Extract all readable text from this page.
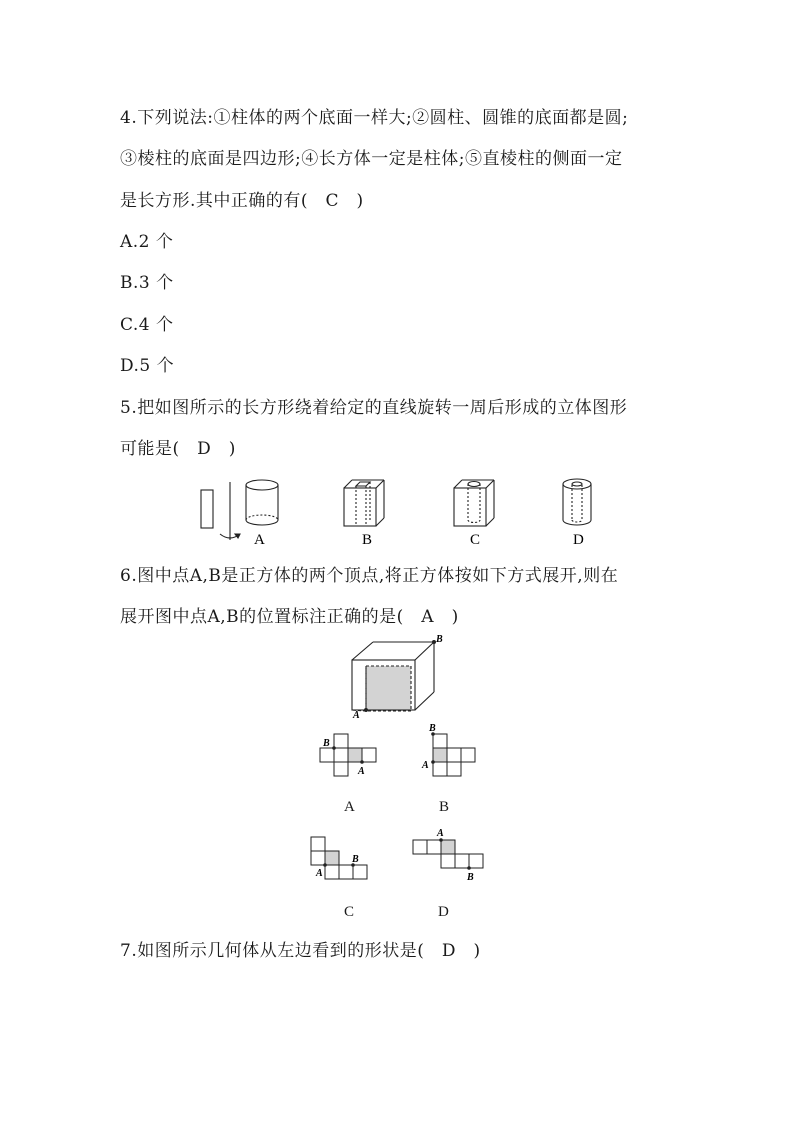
4.下列说法:①柱体的两个底面一样大;②圆柱、圆锥的底面都是圆;
③棱柱的底面是四边形;④长方体一定是柱体;⑤直棱柱的侧面一定
是长方形.其中正确的有(　C　)
A.2 个
B.3 个
C.4 个
D.5 个
5.把如图所示的长方形绕着给定的直线旋转一周后形成的立体图形
可能是(　D　)
A	B	C	D
6.图中点A,B是正方体的两个顶点,将正方体按如下方式展开,则在
展开图中点A,B的位置标注正确的是(　A　)
A
B
B
A
A
B
A
B
A
B
C
A
B
D
7.如图所示几何体从左边看到的形状是(　D　)
